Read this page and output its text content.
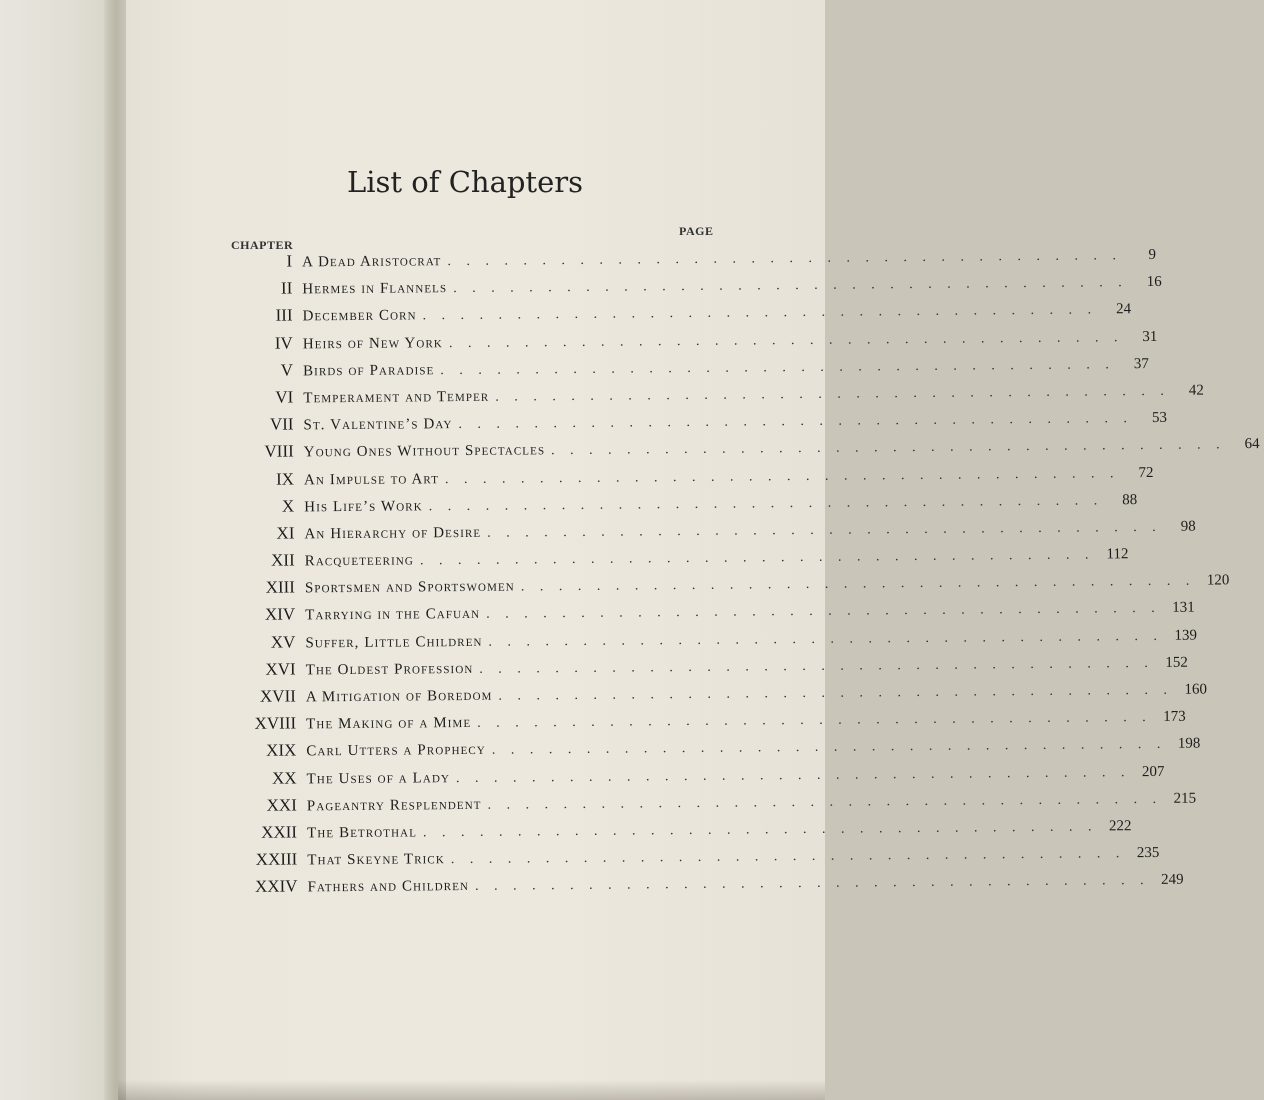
List of Chapters
PAGE
CHAPTER
I A Dead Aristocrat . . . . . . . . . . . . . . . . . . . . . . . . . . . . . . . . . . . .	9
II Hermes in Flannels . . . . . . . . . . . . . . . . . . . . . . . . . . . . . . . . . . . .	16
III December Corn . . . . . . . . . . . . . . . . . . . . . . . . . . . . . . . . . . . .	24
IV Heirs of New York . . . . . . . . . . . . . . . . . . . . . . . . . . . . . . . . . . . .	31
V Birds of Paradise . . . . . . . . . . . . . . . . . . . . . . . . . . . . . . . . . . . .	37
VI Temperament and Temper . . . . . . . . . . . . . . . . . . . . . . . . . . . . . . . . . . . .	42
VII St. Valentine’s Day . . . . . . . . . . . . . . . . . . . . . . . . . . . . . . . . . . . .	53
VIII Young Ones Without Spectacles . . . . . . . . . . . . . . . . . . . . . . . . . . . . . . . . . . . .	64
IX An Impulse to Art . . . . . . . . . . . . . . . . . . . . . . . . . . . . . . . . . . . .	72
X His Life’s Work . . . . . . . . . . . . . . . . . . . . . . . . . . . . . . . . . . . .	88
XI An Hierarchy of Desire . . . . . . . . . . . . . . . . . . . . . . . . . . . . . . . . . . . .	98
XII Racqueteering . . . . . . . . . . . . . . . . . . . . . . . . . . . . . . . . . . . . 112
XIII Sportsmen and Sportswomen . . . . . . . . . . . . . . . . . . . . . . . . . . . . . . . . . . . . 120
XIV Tarrying in the Cafuan . . . . . . . . . . . . . . . . . . . . . . . . . . . . . . . . . . . . 131
XV Suffer, Little Children . . . . . . . . . . . . . . . . . . . . . . . . . . . . . . . . . . . . 139
XVI The Oldest Profession . . . . . . . . . . . . . . . . . . . . . . . . . . . . . . . . . . . . 152
XVII A Mitigation of Boredom . . . . . . . . . . . . . . . . . . . . . . . . . . . . . . . . . . . . 160
XVIII The Making of a Mime . . . . . . . . . . . . . . . . . . . . . . . . . . . . . . . . . . . . 173
XIX Carl Utters a Prophecy . . . . . . . . . . . . . . . . . . . . . . . . . . . . . . . . . . . . 198
XX The Uses of a Lady . . . . . . . . . . . . . . . . . . . . . . . . . . . . . . . . . . . . 207
XXI Pageantry Resplendent . . . . . . . . . . . . . . . . . . . . . . . . . . . . . . . . . . . . 215
XXII The Betrothal . . . . . . . . . . . . . . . . . . . . . . . . . . . . . . . . . . . . 222
XXIII That Skeyne Trick . . . . . . . . . . . . . . . . . . . . . . . . . . . . . . . . . . . . 235
XXIV Fathers and Children . . . . . . . . . . . . . . . . . . . . . . . . . . . . . . . . . . . . 249
